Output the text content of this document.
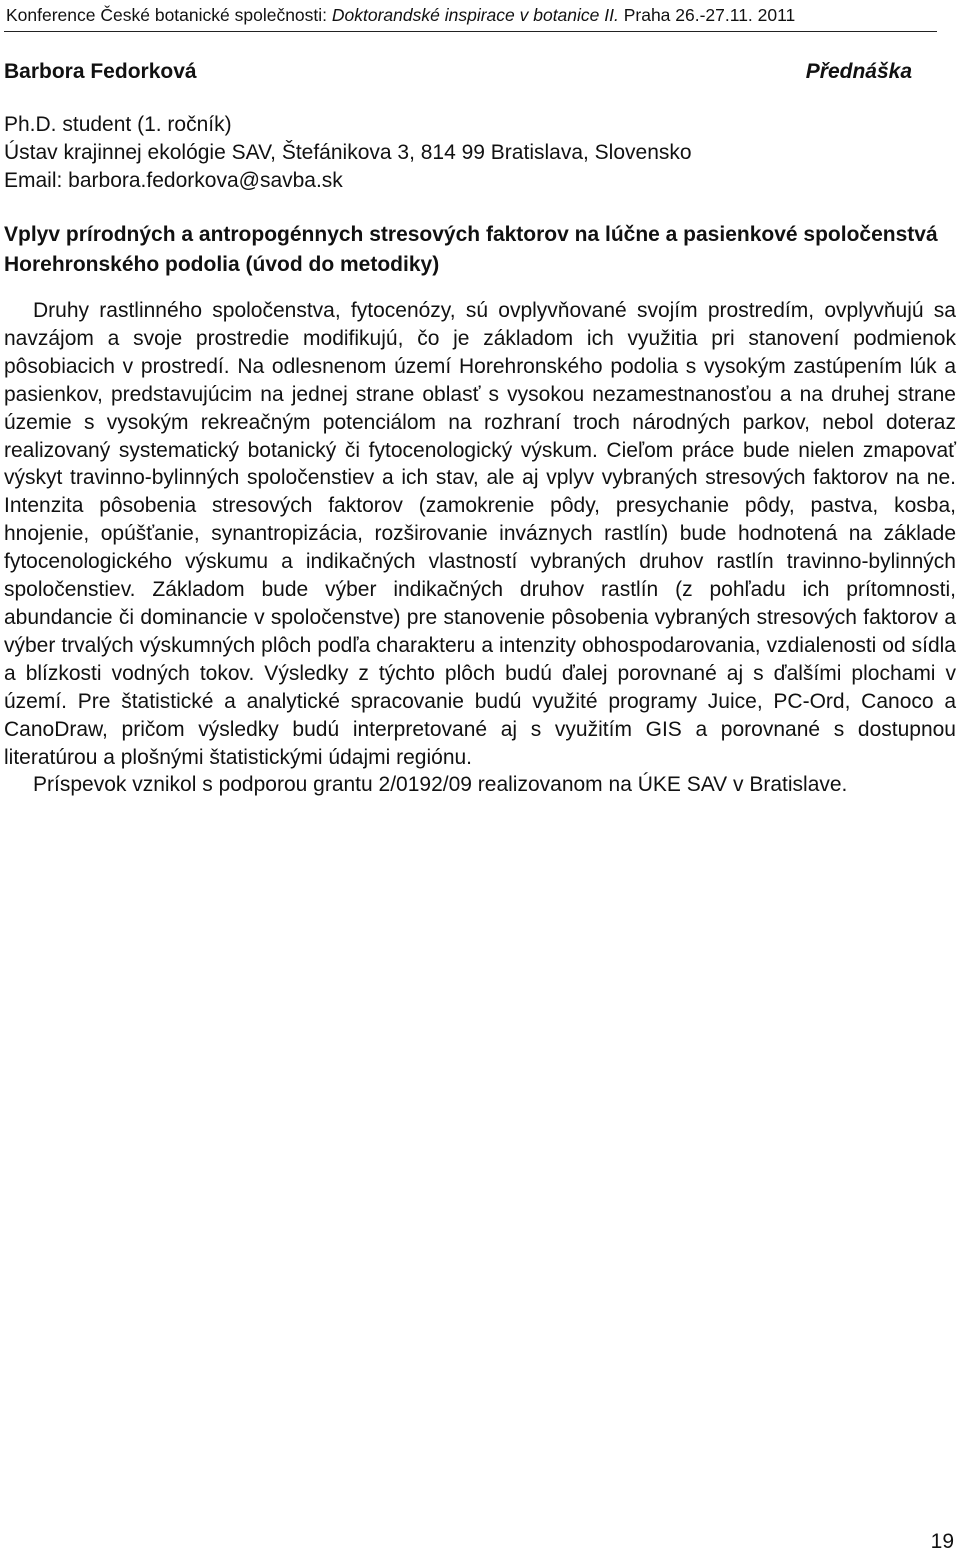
Konference České botanické společnosti: Doktorandské inspirace v botanice II. Praha 26.-27.11. 2011
Barbora Fedorková	Přednáška
Ph.D. student (1. ročník)
Ústav krajinnej ekológie SAV, Štefánikova 3, 814 99 Bratislava, Slovensko
Email: barbora.fedorkova@savba.sk
Vplyv prírodných a antropogénnych stresových faktorov na lúčne a pasienkové spoločenstvá Horehronského podolia (úvod do metodiky)

Druhy rastlinného spoločenstva, fytocenózy, sú ovplyvňované svojím prostredím, ovplyvňujú sa navzájom a svoje prostredie modifikujú, čo je základom ich využitia pri stanovení podmienok pôsobiacich v prostredí. Na odlesnenom území Horehronského podolia s vysokým zastúpením lúk a pasienkov, predstavujúcim na jednej strane oblasť s vysokou nezamestnanosťou a na druhej strane územie s vysokým rekreačným potenciálom na rozhraní troch národných parkov, nebol doteraz realizovaný systematický botanický či fytocenologický výskum. Cieľom práce bude nielen zmapovať výskyt travinno-bylinných spoločenstiev a ich stav, ale aj vplyv vybraných stresových faktorov na ne. Intenzita pôsobenia stresových faktorov (zamokrenie pôdy, presychanie pôdy, pastva, kosba, hnojenie, opúšťanie, synantropizácia, rozširovanie inváznych rastlín) bude hodnotená na základe fytocenologického výskumu a indikačných vlastností vybraných druhov rastlín travinno-bylinných spoločenstiev. Základom bude výber indikačných druhov rastlín (z pohľadu ich prítomnosti, abundancie či dominancie v spoločenstve) pre stanovenie pôsobenia vybraných stresových faktorov a výber trvalých výskumných plôch podľa charakteru a intenzity obhospodarovania, vzdialenosti od sídla a blízkosti vodných tokov. Výsledky z týchto plôch budú ďalej porovnané aj s ďalšími plochami v území. Pre štatistické a analytické spracovanie budú využité programy Juice, PC-Ord, Canoco a CanoDraw, pričom výsledky budú interpretované aj s využitím GIS a porovnané s dostupnou literatúrou a plošnými štatistickými údajmi regiónu.

Príspevok vznikol s podporou grantu 2/0192/09 realizovanom na ÚKE SAV v Bratislave.

19
